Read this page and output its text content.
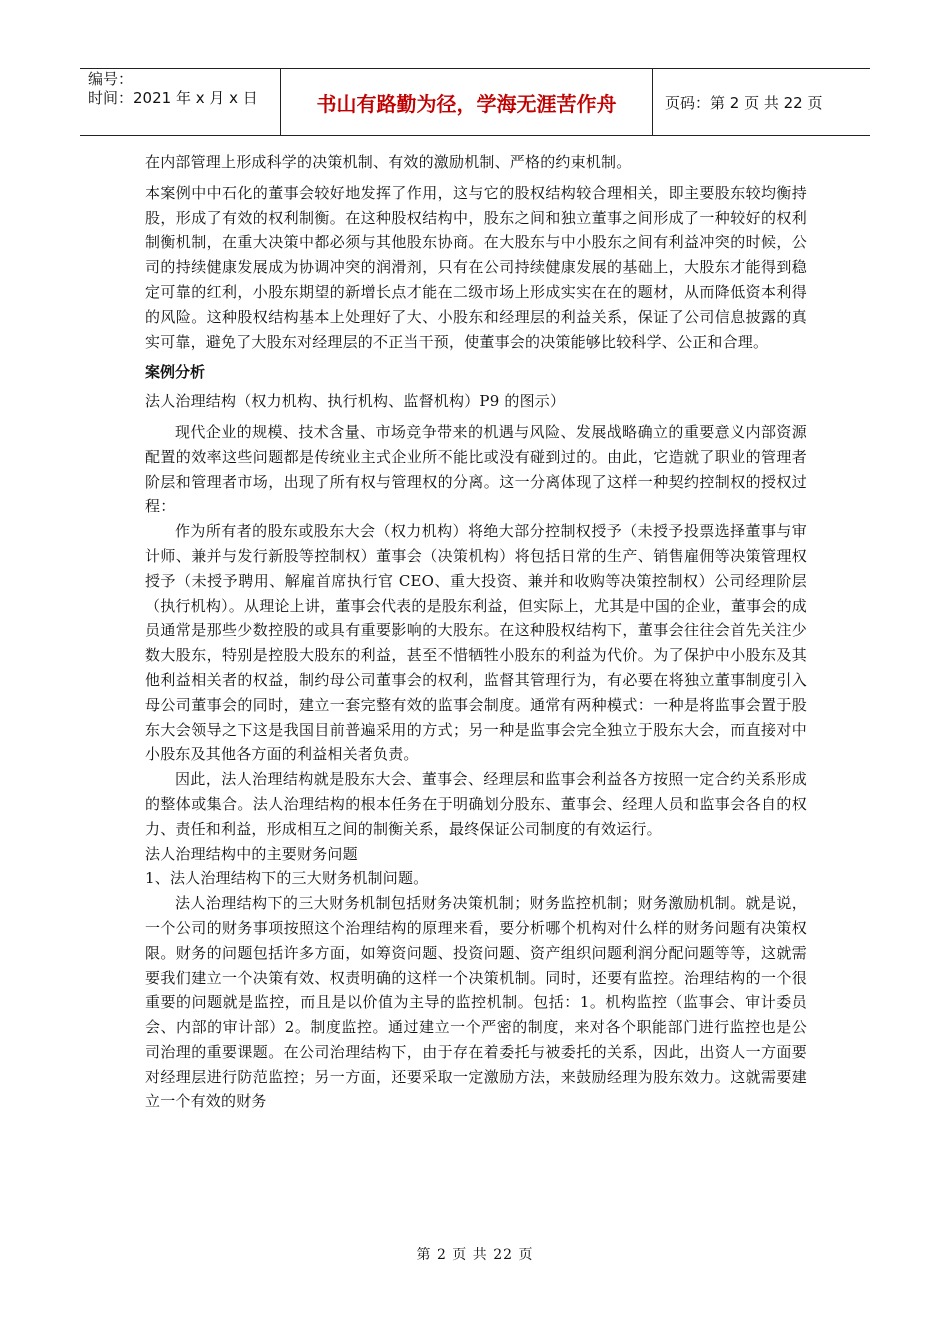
编号：
时间：2021 年 x 月 x 日	书山有路勤为径，学海无涯苦作舟	页码：第 2 页 共 22 页

在内部管理上形成科学的决策机制、有效的激励机制、严格的约束机制。

本案例中中石化的董事会较好地发挥了作用，这与它的股权结构较合理相关，即主要股东较均衡持股，形成了有效的权利制衡。在这种股权结构中，股东之间和独立董事之间形成了一种较好的权利制衡机制，在重大决策中都必须与其他股东协商。在大股东与中小股东之间有利益冲突的时候，公司的持续健康发展成为协调冲突的润滑剂，只有在公司持续健康发展的基础上，大股东才能得到稳定可靠的红利，小股东期望的新增长点才能在二级市场上形成实实在在的题材，从而降低资本利得的风险。这种股权结构基本上处理好了大、小股东和经理层的利益关系，保证了公司信息披露的真实可靠，避免了大股东对经理层的不正当干预，使董事会的决策能够比较科学、公正和合理。

案例分析

法人治理结构（权力机构、执行机构、监督机构）P9 的图示）

现代企业的规模、技术含量、市场竞争带来的机遇与风险、发展战略确立的重要意义内部资源配置的效率这些问题都是传统业主式企业所不能比或没有碰到过的。由此，它造就了职业的管理者阶层和管理者市场，出现了所有权与管理权的分离。这一分离体现了这样一种契约控制权的授权过程：

作为所有者的股东或股东大会（权力机构）将绝大部分控制权授予（未授予投票选择董事与审计师、兼并与发行新股等控制权）董事会（决策机构）将包括日常的生产、销售雇佣等决策管理权授予（未授予聘用、解雇首席执行官 CEO、重大投资、兼并和收购等决策控制权）公司经理阶层（执行机构）。从理论上讲，董事会代表的是股东利益，但实际上，尤其是中国的企业，董事会的成员通常是那些少数控股的或具有重要影响的大股东。在这种股权结构下，董事会往往会首先关注少数大股东，特别是控股大股东的利益，甚至不惜牺牲小股东的利益为代价。为了保护中小股东及其他利益相关者的权益，制约母公司董事会的权利，监督其管理行为，有必要在将独立董事制度引入母公司董事会的同时，建立一套完整有效的监事会制度。通常有两种模式：一种是将监事会置于股东大会领导之下这是我国目前普遍采用的方式；另一种是监事会完全独立于股东大会，而直接对中小股东及其他各方面的利益相关者负责。

因此，法人治理结构就是股东大会、董事会、经理层和监事会利益各方按照一定合约关系形成的整体或集合。法人治理结构的根本任务在于明确划分股东、董事会、经理人员和监事会各自的权力、责任和利益，形成相互之间的制衡关系，最终保证公司制度的有效运行。

法人治理结构中的主要财务问题

1、法人治理结构下的三大财务机制问题。

法人治理结构下的三大财务机制包括财务决策机制；财务监控机制；财务激励机制。就是说，一个公司的财务事项按照这个治理结构的原理来看，要分析哪个机构对什么样的财务问题有决策权限。财务的问题包括许多方面，如筹资问题、投资问题、资产组织问题利润分配问题等等，这就需要我们建立一个决策有效、权责明确的这样一个决策机制。同时，还要有监控。治理结构的一个很重要的问题就是监控，而且是以价值为主导的监控机制。包括：1。机构监控（监事会、审计委员会、内部的审计部）2。制度监控。通过建立一个严密的制度，来对各个职能部门进行监控也是公司治理的重要课题。在公司治理结构下，由于存在着委托与被委托的关系，因此，出资人一方面要对经理层进行防范监控；另一方面，还要采取一定激励方法，来鼓励经理为股东效力。这就需要建立一个有效的财务

第 2 页 共 22 页
